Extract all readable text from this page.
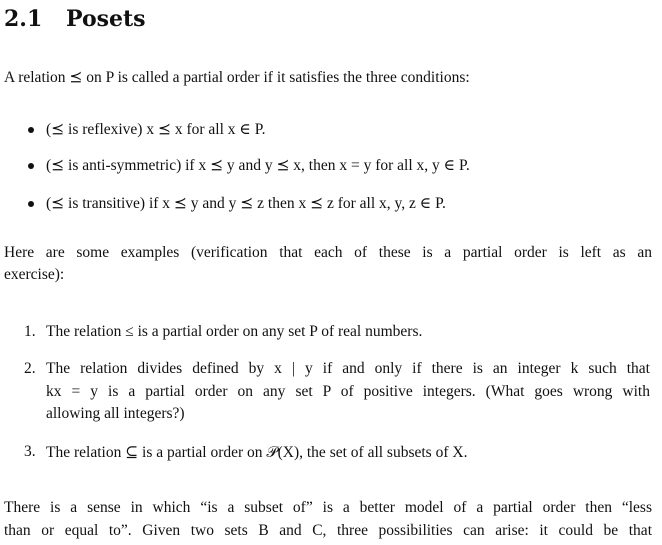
2.1 Posets

A relation ⪯ on P is called a partial order if it satisfies the three conditions:

(⪯ is reflexive) x ⪯ x for all x ∈ P.

(⪯ is anti-symmetric) if x ⪯ y and y ⪯ x, then x = y for all x, y ∈ P.

(⪯ is transitive) if x ⪯ y and y ⪯ z then x ⪯ z for all x, y, z ∈ P.

Here are some examples (verification that each of these is a partial order is left as an

exercise):

1. The relation ≤ is a partial order on any set P of real numbers.

2. The relation divides defined by x | y if and only if there is an integer k such that

kx = y is a partial order on any set P of positive integers. (What goes wrong with

allowing all integers?)

3. The relation ⊆ is a partial order on 𝒫(X), the set of all subsets of X.

There is a sense in which “is a subset of” is a better model of a partial order then “less

than or equal to”. Given two sets B and C, three possibilities can arise: it could be that
